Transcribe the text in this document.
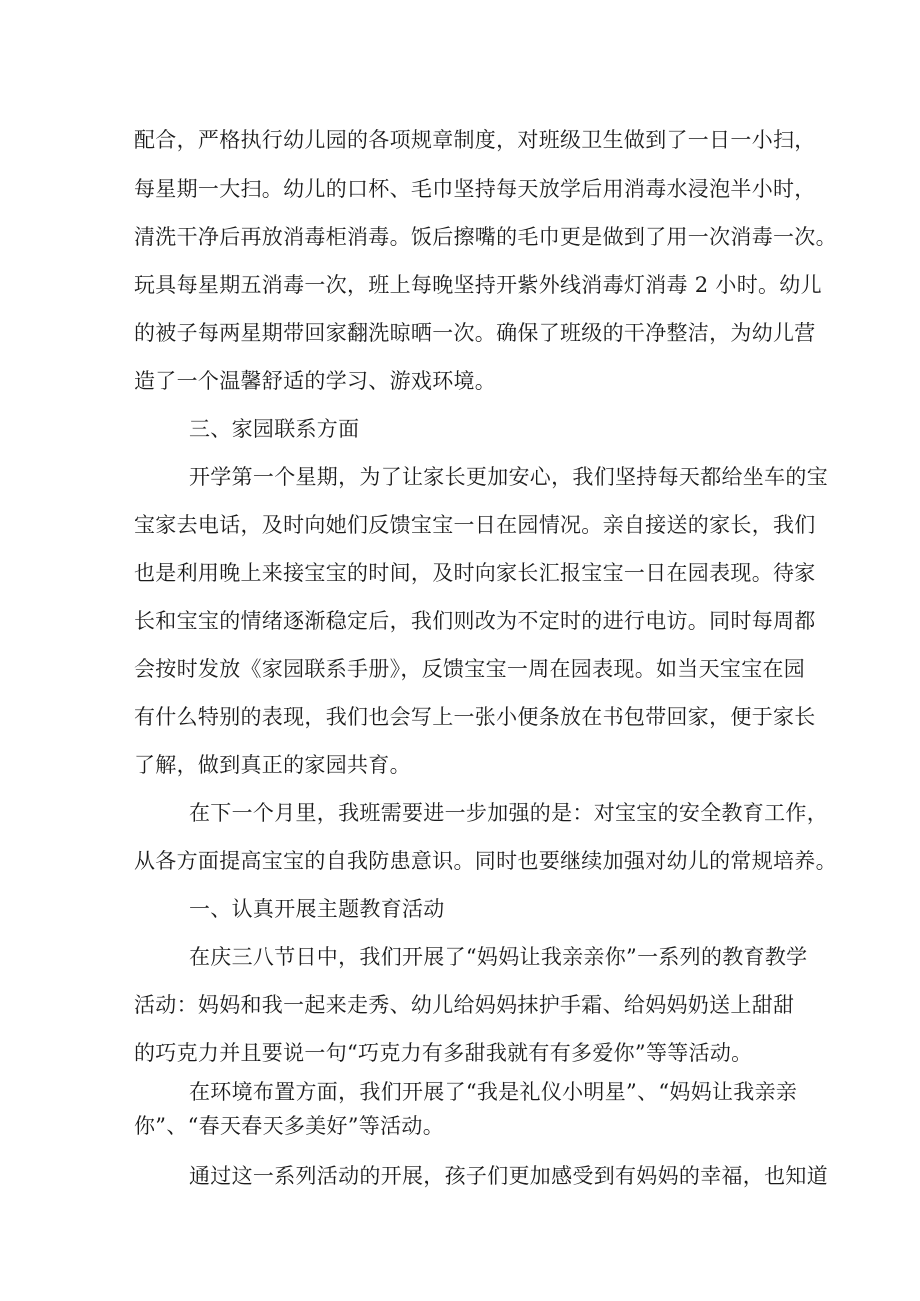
配合，严格执行幼儿园的各项规章制度，对班级卫生做到了一日一小扫，
每星期一大扫。幼儿的口杯、毛巾坚持每天放学后用消毒水浸泡半小时，
清洗干净后再放消毒柜消毒。饭后擦嘴的毛巾更是做到了用一次消毒一次。
玩具每星期五消毒一次，班上每晚坚持开紫外线消毒灯消毒 2 小时。幼儿
的被子每两星期带回家翻洗晾晒一次。确保了班级的干净整洁，为幼儿营
造了一个温馨舒适的学习、游戏环境。
三、家园联系方面
开学第一个星期，为了让家长更加安心，我们坚持每天都给坐车的宝
宝家去电话，及时向她们反馈宝宝一日在园情况。亲自接送的家长，我们
也是利用晚上来接宝宝的时间，及时向家长汇报宝宝一日在园表现。待家
长和宝宝的情绪逐渐稳定后，我们则改为不定时的进行电访。同时每周都
会按时发放《家园联系手册》，反馈宝宝一周在园表现。如当天宝宝在园
有什么特别的表现，我们也会写上一张小便条放在书包带回家，便于家长
了解，做到真正的家园共育。
在下一个月里，我班需要进一步加强的是：对宝宝的安全教育工作，
从各方面提高宝宝的自我防患意识。同时也要继续加强对幼儿的常规培养。
一、认真开展主题教育活动
在庆三八节日中，我们开展了“妈妈让我亲亲你”一系列的教育教学
活动：妈妈和我一起来走秀、幼儿给妈妈抹护手霜、给妈妈奶送上甜甜
的巧克力并且要说一句“巧克力有多甜我就有有多爱你”等等活动。
在环境布置方面，我们开展了“我是礼仪小明星”、“妈妈让我亲亲
你”、“春天春天多美好”等活动。
通过这一系列活动的开展，孩子们更加感受到有妈妈的幸福，也知道
